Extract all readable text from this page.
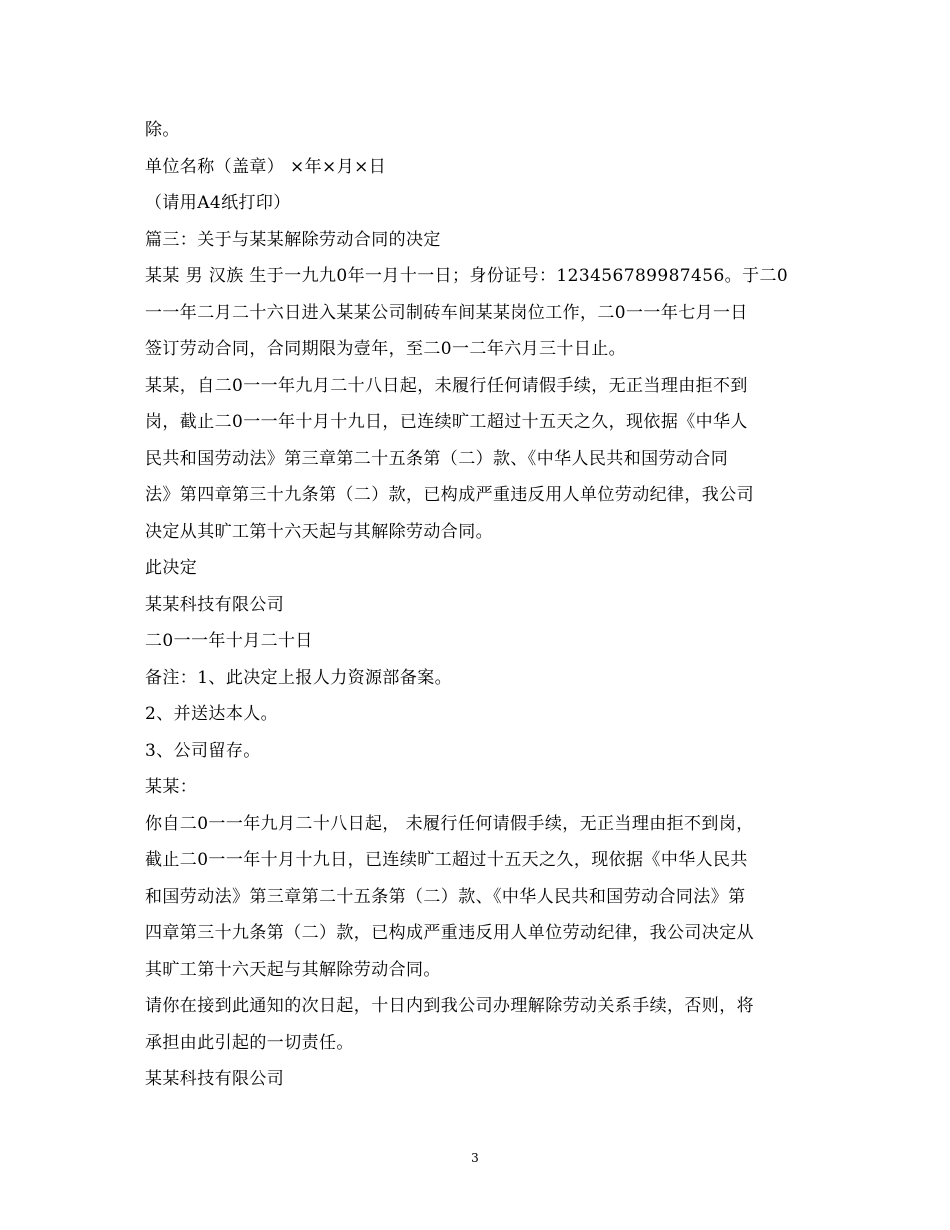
除。

单位名称（盖章） ×年×月×日

（请用A4纸打印）

篇三：关于与某某解除劳动合同的决定

某某 男 汉族 生于一九九0年一月十一日；身份证号：123456789987456。于二0

一一年二月二十六日进入某某公司制砖车间某某岗位工作，二0一一年七月一日

签订劳动合同，合同期限为壹年，至二0一二年六月三十日止。

某某，自二0一一年九月二十八日起，未履行任何请假手续，无正当理由拒不到

岗，截止二0一一年十月十九日，已连续旷工超过十五天之久，现依据《中华人

民共和国劳动法》第三章第二十五条第（二）款、《中华人民共和国劳动合同

法》第四章第三十九条第（二）款，已构成严重违反用人单位劳动纪律，我公司

决定从其旷工第十六天起与其解除劳动合同。

此决定

某某科技有限公司

二0一一年十月二十日

备注：1、此决定上报人力资源部备案。

2、并送达本人。

3、公司留存。

某某：

你自二0一一年九月二十八日起， 未履行任何请假手续，无正当理由拒不到岗，

截止二0一一年十月十九日，已连续旷工超过十五天之久，现依据《中华人民共

和国劳动法》第三章第二十五条第（二）款、《中华人民共和国劳动合同法》第

四章第三十九条第（二）款，已构成严重违反用人单位劳动纪律，我公司决定从

其旷工第十六天起与其解除劳动合同。

请你在接到此通知的次日起，十日内到我公司办理解除劳动关系手续，否则，将

承担由此引起的一切责任。

某某科技有限公司

3
